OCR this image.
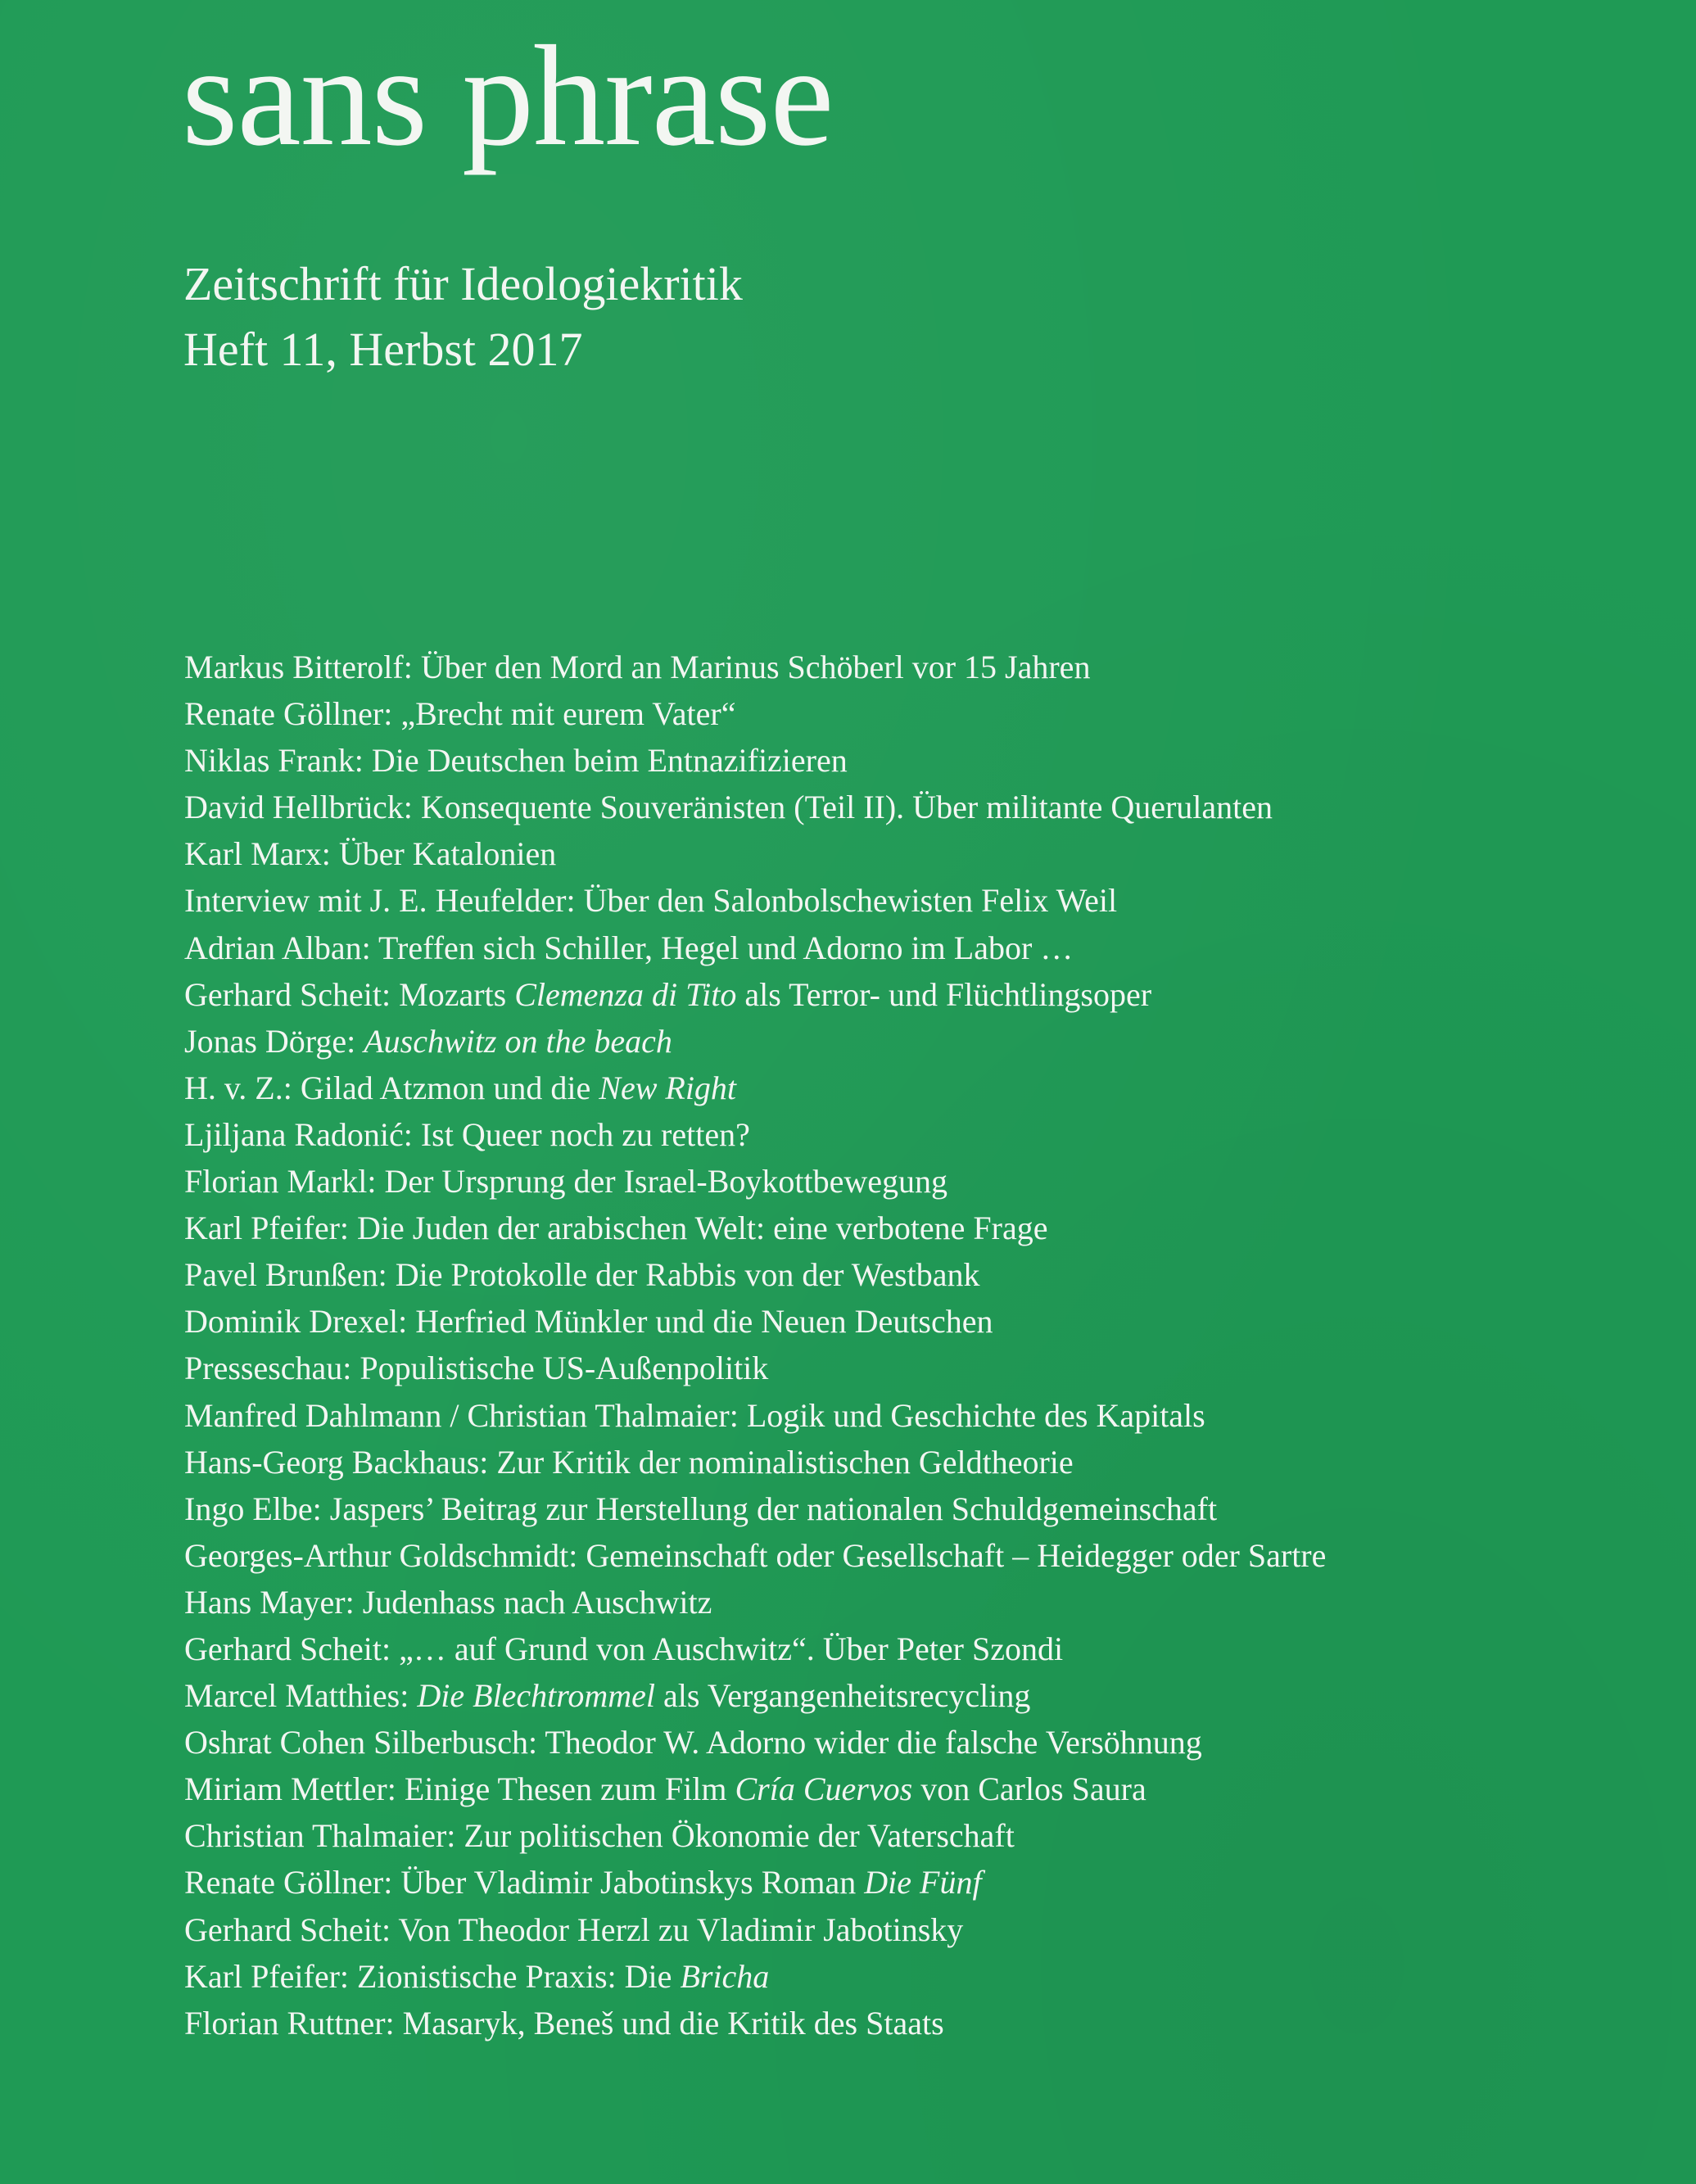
sans phrase

Zeitschrift für Ideologiekritik

Heft 11, Herbst 2017

Markus Bitterolf: Über den Mord an Marinus Schöberl vor 15 Jahren
Renate Göllner: „Brecht mit eurem Vater“
Niklas Frank: Die Deutschen beim Entnazifizieren
David Hellbrück: Konsequente Souveränisten (Teil II). Über militante Querulanten
Karl Marx: Über Katalonien
Interview mit J. E. Heufelder: Über den Salonbolschewisten Felix Weil
Adrian Alban: Treffen sich Schiller, Hegel und Adorno im Labor …
Gerhard Scheit: Mozarts Clemenza di Tito als Terror- und Flüchtlingsoper
Jonas Dörge: Auschwitz on the beach
H. v. Z.: Gilad Atzmon und die New Right
Ljiljana Radonić: Ist Queer noch zu retten?
Florian Markl: Der Ursprung der Israel-Boykottbewegung
Karl Pfeifer: Die Juden der arabischen Welt: eine verbotene Frage
Pavel Brunßen: Die Protokolle der Rabbis von der Westbank
Dominik Drexel: Herfried Münkler und die Neuen Deutschen
Presseschau: Populistische US-Außenpolitik
Manfred Dahlmann / Christian Thalmaier: Logik und Geschichte des Kapitals
Hans-Georg Backhaus: Zur Kritik der nominalistischen Geldtheorie
Ingo Elbe: Jaspers’ Beitrag zur Herstellung der nationalen Schuldgemeinschaft
Georges-Arthur Goldschmidt: Gemeinschaft oder Gesellschaft – Heidegger oder Sartre
Hans Mayer: Judenhass nach Auschwitz
Gerhard Scheit: „… auf Grund von Auschwitz“. Über Peter Szondi
Marcel Matthies: Die Blechtrommel als Vergangenheitsrecycling
Oshrat Cohen Silberbusch: Theodor W. Adorno wider die falsche Versöhnung
Miriam Mettler: Einige Thesen zum Film Cría Cuervos von Carlos Saura
Christian Thalmaier: Zur politischen Ökonomie der Vaterschaft
Renate Göllner: Über Vladimir Jabotinskys Roman Die Fünf
Gerhard Scheit: Von Theodor Herzl zu Vladimir Jabotinsky
Karl Pfeifer: Zionistische Praxis: Die Bricha
Florian Ruttner: Masaryk, Beneš und die Kritik des Staats
